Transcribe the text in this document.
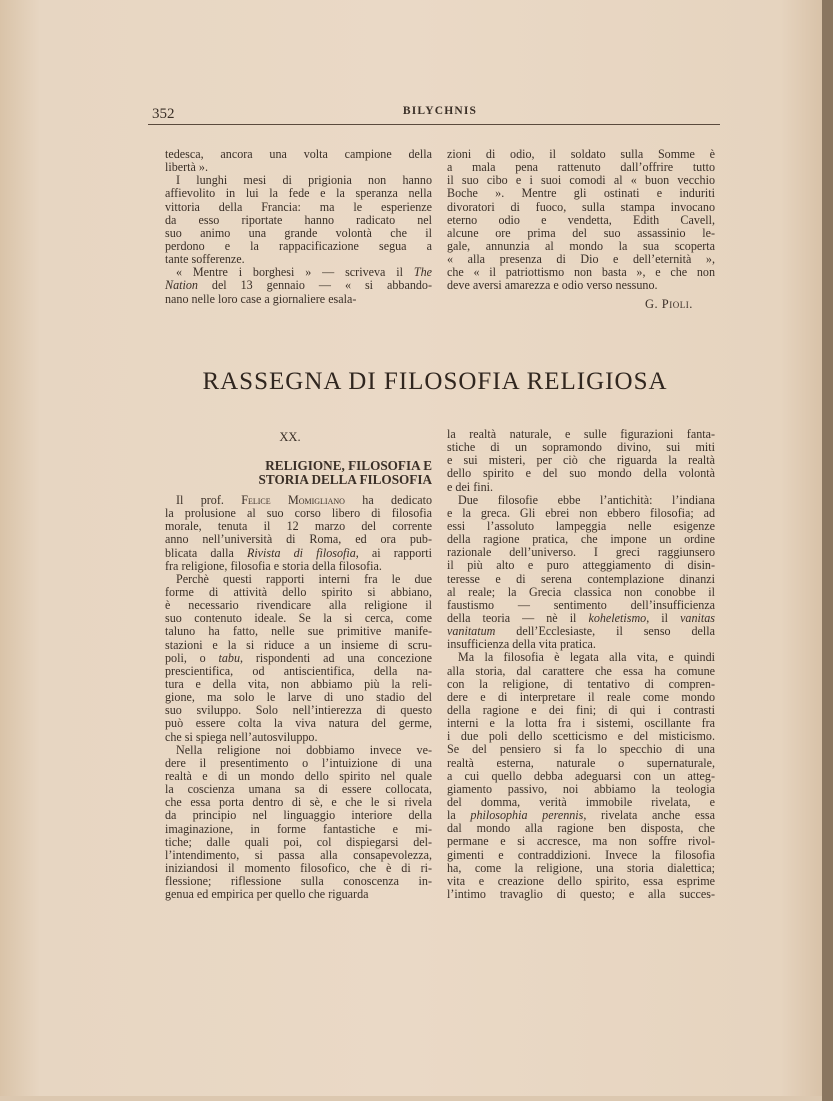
352	BILYCHNIS
tedesca, ancora una volta campione della
libertà ».
I lunghi mesi di prigionia non hanno
affievolito in lui la fede e la speranza nella
vittoria della Francia: ma le esperienze
da esso riportate hanno radicato nel
suo animo una grande volontà che il
perdono e la rappacificazione segua a
tante sofferenze.
« Mentre i borghesi » — scriveva il The
Nation del 13 gennaio — « si abbando-
nano nelle loro case a giornaliere esala-
zioni di odio, il soldato sulla Somme è
a mala pena rattenuto dall’offrire tutto
il suo cibo e i suoi comodi al « buon vecchio
Boche ». Mentre gli ostinati e induriti
divoratori di fuoco, sulla stampa invocano
eterno odio e vendetta, Edith Cavell,
alcune ore prima del suo assassinio le-
gale, annunzia al mondo la sua scoperta
« alla presenza di Dio e dell’eternità »,
che « il patriottismo non basta », e che non
deve aversi amarezza e odio verso nessuno.
G. Pioli.
RASSEGNA DI FILOSOFIA RELIGIOSA
XX.
RELIGIONE, FILOSOFIA E
STORIA DELLA FILOSOFIA
Il prof. Felice Momigliano ha dedicato
la prolusione al suo corso libero di filosofia
morale, tenuta il 12 marzo del corrente
anno nell’università di Roma, ed ora pub-
blicata dalla Rivista di filosofia, ai rapporti
fra religione, filosofia e storia della filosofia.
Perchè questi rapporti interni fra le due
forme di attività dello spirito si abbiano,
è necessario rivendicare alla religione il
suo contenuto ideale. Se la si cerca, come
taluno ha fatto, nelle sue primitive manife-
stazioni e la si riduce a un insieme di scru-
poli, o tabu, rispondenti ad una concezione
prescientifica, od antiscientifica, della na-
tura e della vita, non abbiamo più la reli-
gione, ma solo le larve di uno stadio del
suo sviluppo. Solo nell’intierezza di questo
può essere colta la viva natura del germe,
che si spiega nell’autosviluppo.
Nella religione noi dobbiamo invece ve-
dere il presentimento o l’intuizione di una
realtà e di un mondo dello spirito nel quale
la coscienza umana sa di essere collocata,
che essa porta dentro di sè, e che le si rivela
da principio nel linguaggio interiore della
imaginazione, in forme fantastiche e mi-
tiche; dalle quali poi, col dispiegarsi del-
l’intendimento, si passa alla consapevolezza,
iniziandosi il momento filosofico, che è di ri-
flessione; riflessione sulla conoscenza in-
genua ed empirica per quello che riguarda
la realtà naturale, e sulle figurazioni fanta-
stiche di un sopramondo divino, sui miti
e sui misteri, per ciò che riguarda la realtà
dello spirito e del suo mondo della volontà
e dei fini.
Due filosofie ebbe l’antichità: l’indiana
e la greca. Gli ebrei non ebbero filosofia; ad
essi l’assoluto lampeggia nelle esigenze
della ragione pratica, che impone un ordine
razionale dell’universo. I greci raggiunsero
il più alto e puro atteggiamento di disin-
teresse e di serena contemplazione dinanzi
al reale; la Grecia classica non conobbe il
faustismo — sentimento dell’insufficienza
della teoria — nè il koheletismo, il vanitas
vanitatum dell’Ecclesiaste, il senso della
insufficienza della vita pratica.
Ma la filosofia è legata alla vita, e quindi
alla storia, dal carattere che essa ha comune
con la religione, di tentativo di compren-
dere e di interpretare il reale come mondo
della ragione e dei fini; di qui i contrasti
interni e la lotta fra i sistemi, oscillante fra
i due poli dello scetticismo e del misticismo.
Se del pensiero si fa lo specchio di una
realtà esterna, naturale o supernaturale,
a cui quello debba adeguarsi con un atteg-
giamento passivo, noi abbiamo la teologia
del domma, verità immobile rivelata, e
la philosophia perennis, rivelata anche essa
dal mondo alla ragione ben disposta, che
permane e si accresce, ma non soffre rivol-
gimenti e contraddizioni. Invece la filosofia
ha, come la religione, una storia dialettica;
vita e creazione dello spirito, essa esprime
l’intimo travaglio di questo; e alla succes-
